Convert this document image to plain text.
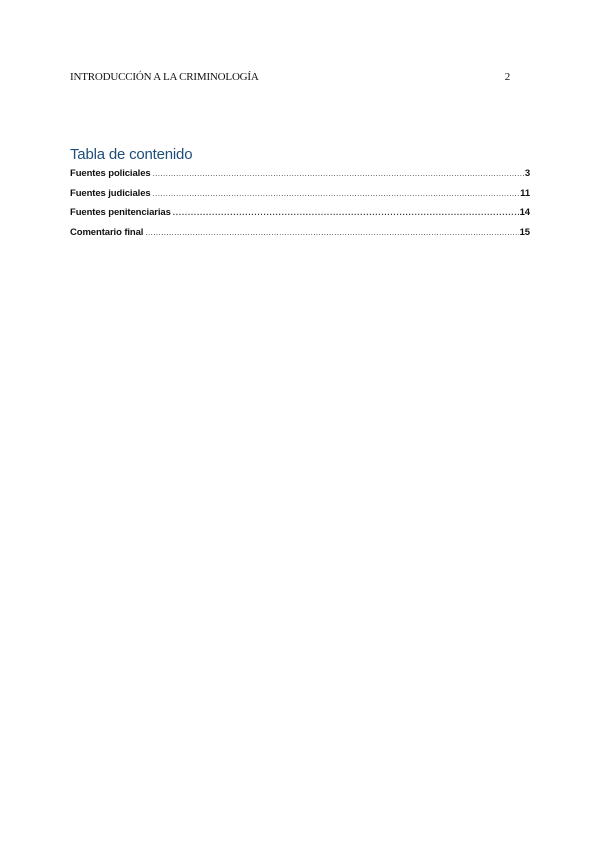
INTRODUCCIÓN A LA CRIMINOLOGÍA	2
Tabla de contenido
Fuentes policiales .....	3
Fuentes judiciales .....	11
Fuentes penitenciarias .....	14
Comentario final .....	15
